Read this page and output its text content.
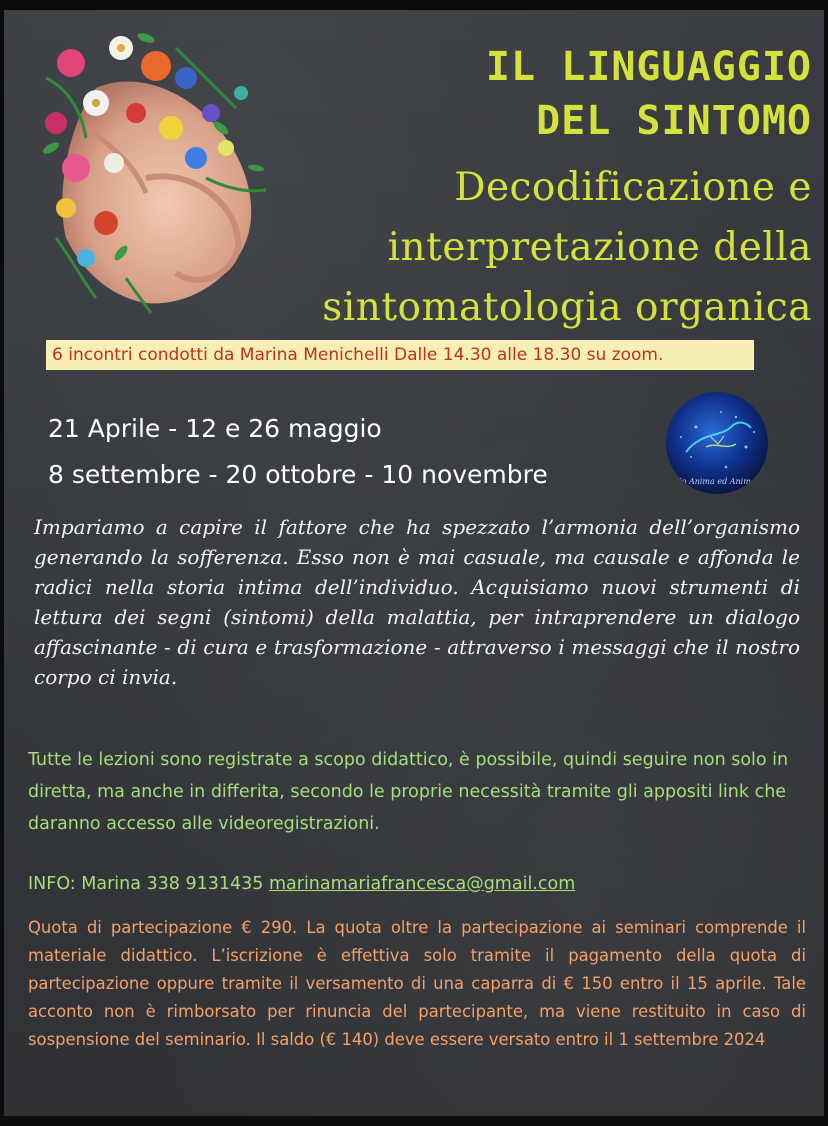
IL LINGUAGGIO
DEL SINTOMO
Decodificazione e
interpretazione della
sintomatologia organica
6 incontri condotti da Marina Menichelli Dalle 14.30 alle 18.30 su zoom.
21 Aprile - 12 e 26 maggio
8 settembre - 20 ottobre - 10 novembre	Io Anima ed Anima
Impariamo a capire il fattore che ha spezzato l’armonia dell’organismo generando la sofferenza. Esso non è mai casuale, ma causale e affonda le radici nella storia intima dell’individuo. Acquisiamo nuovi strumenti di lettura dei segni (sintomi) della malattia, per intraprendere un dialogo affascinante - di cura e trasformazione - attraverso i messaggi che il nostro corpo ci invia.
Tutte le lezioni sono registrate a scopo didattico, è possibile, quindi seguire non solo in diretta, ma anche in differita, secondo le proprie necessità tramite gli appositi link che daranno accesso alle videoregistrazioni.
INFO: Marina 338 9131435 marinamariafrancesca@gmail.com
Quota di partecipazione € 290. La quota oltre la partecipazione ai seminari comprende il materiale didattico. L’iscrizione è effettiva solo tramite il pagamento della quota di partecipazione oppure tramite il versamento di una caparra di € 150 entro il 15 aprile. Tale acconto non è rimborsato per rinuncia del partecipante, ma viene restituito in caso di sospensione del seminario. Il saldo (€ 140) deve essere versato entro il 1 settembre 2024
